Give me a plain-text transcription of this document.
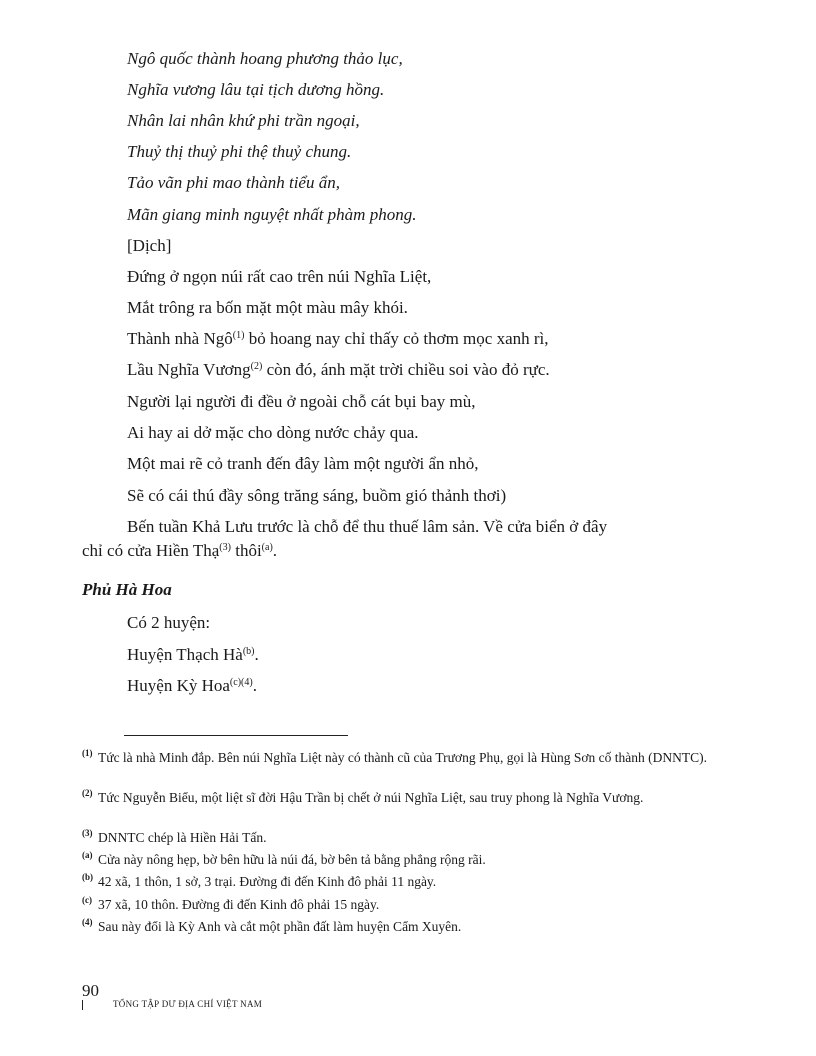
Ngô quốc thành hoang phương thảo lục,
Nghĩa vương lâu tại tịch dương hồng.
Nhân lai nhân khứ phi trần ngoại,
Thuỷ thị thuỷ phi thệ thuỷ chung.
Tảo vãn phi mao thành tiểu ẩn,
Mãn giang minh nguyệt nhất phàm phong.
[Dịch]
Đứng ở ngọn núi rất cao trên núi Nghĩa Liệt,
Mắt trông ra bốn mặt một màu mây khói.
Thành nhà Ngô$^{(1)}$ bỏ hoang nay chỉ thấy cỏ thơm mọc xanh rì,
Lầu Nghĩa Vương$^{(2)}$ còn đó, ánh mặt trời chiều soi vào đỏ rực.
Người lại người đi đều ở ngoài chỗ cát bụi bay mù,
Ai hay ai dở mặc cho dòng nước chảy qua.
Một mai rẽ cỏ tranh đến đây làm một người ẩn nhỏ,
Sẽ có cái thú đầy sông trăng sáng, buồm gió thảnh thơi)
Bến tuần Khả Lưu trước là chỗ để thu thuế lâm sản. Về cửa biển ở đây
chỉ có cửa Hiền Thạ$^{(3)}$ thôi$^{(a)}$.
Phủ Hà Hoa
Có 2 huyện:
Huyện Thạch $Hà^{(b)}$.
Huyện Kỳ Hoa$^{(c)(4)}$.
(1) Tức là nhà Minh đắp. Bên núi Nghĩa Liệt này có thành cũ của Trương Phụ, gọi là Hùng Sơn cố thành (DNNTC).
(2) Tức Nguyễn Biểu, một liệt sĩ đời Hậu Trần bị chết ở núi Nghĩa Liệt, sau truy phong là Nghĩa Vương.
(3) DNNTC chép là Hiền Hải Tấn.
(a) Cửa này nông hẹp, bờ bên hữu là núi đá, bờ bên tả bằng phẳng rộng rãi.
(b) 42 xã, 1 thôn, 1 sở, 3 trại. Đường đi đến Kinh đô phải 11 ngày.
(c) 37 xã, 10 thôn. Đường đi đến Kinh đô phải 15 ngày.
(4) Sau này đổi là Kỳ Anh và cắt một phần đất làm huyện Cẩm Xuyên.
90
TỔNG TẬP DƯ ĐỊA CHÍ VIỆT NAM
